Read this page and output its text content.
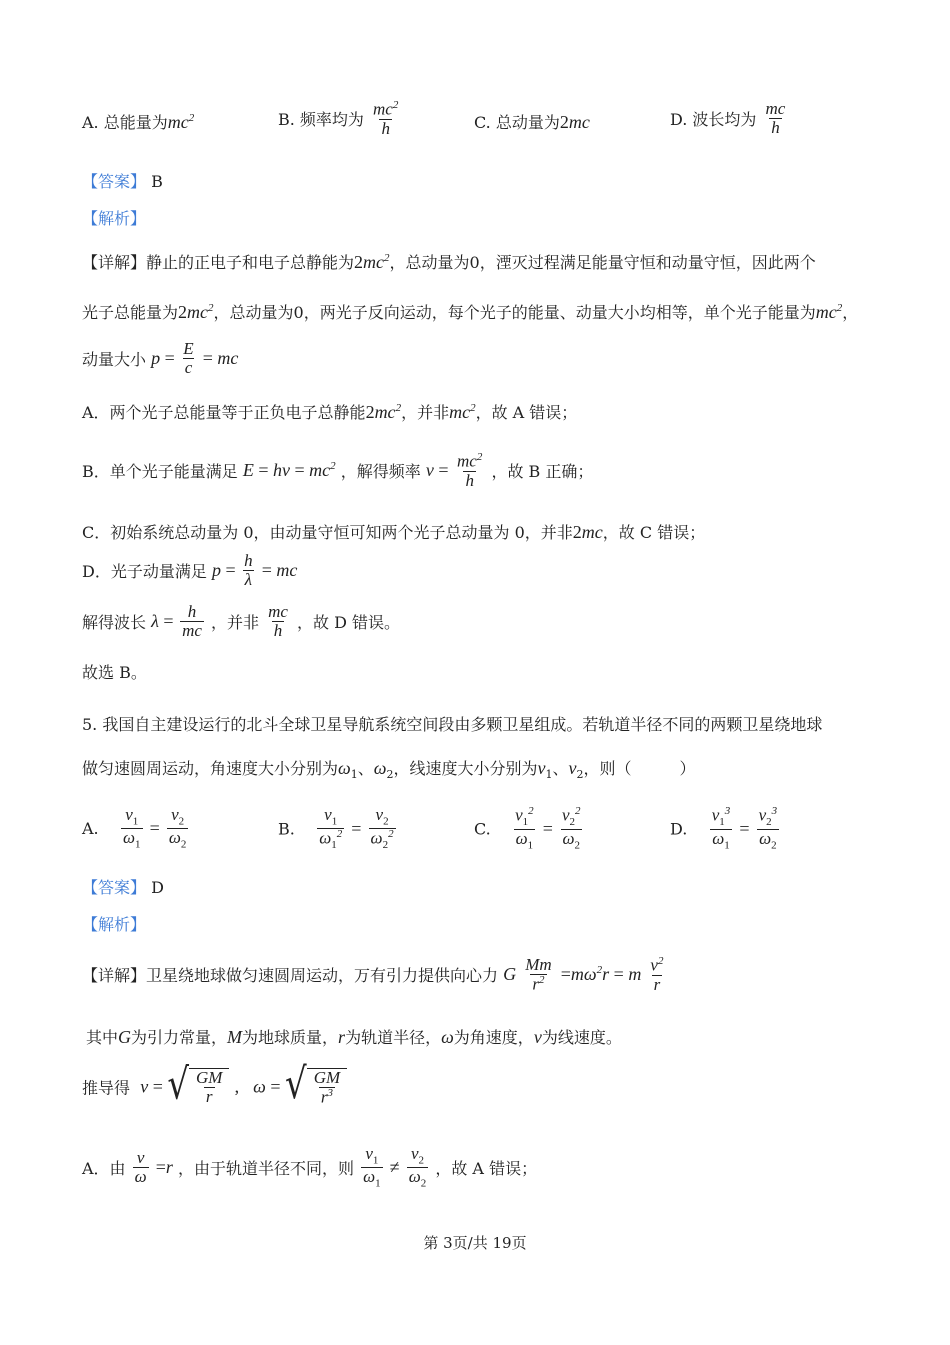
A. 总能量为$mc^2$	B. 频率均为 $\frac{mc^2}{h}$	C. 总动量为2mc	D. 波长均为 $\frac{mc}{h}$
【答案】 B
【解析】
【详解】静止的正电子和电子总静能为$2mc^2$，总动量为0，湮灭过程满足能量守恒和动量守恒，因此两个
光子总能量为$2mc^2$，总动量为0，两光子反向运动，每个光子的能量、动量大小均相等，单个光子能量为$mc^2$，
动量大小 $p = \frac{E}{c}$ = mc
A．两个光子总能量等于正负电子总静能$2mc^2$，并非$mc^2$，故 A 错误；
B．单个光子能量满足 $E = h\nu = mc^2$ ，解得频率 $\nu = \frac{mc^2}{h}$ ，故 B 正确；
C．初始系统总动量为 0，由动量守恒可知两个光子总动量为 0，并非2mc，故 C 错误；
D．光子动量满足 $p = \frac{h}{\lambda}$ = mc
解得波长 $\lambda = \frac{h}{mc}$ ，并非 $\frac{mc}{h}$ ，故 D 错误。
故选 B。
5. 我国自主建设运行的北斗全球卫星导航系统空间段由多颗卫星组成。若轨道半径不同的两颗卫星绕地球
做匀速圆周运动，角速度大小分别为$\omega_1$、$\omega_2$，线速度大小分别为$v_1$、$v_2$，则（　　　）
A. $\frac{v_1}{\omega_1} = \frac{v_2}{\omega_2}$	B. $\frac{v_1}{\omega_1^2} = \frac{v_2}{\omega_2^2}$	C. $\frac{v_1^2}{\omega_1} = \frac{v_2^2}{\omega_2}$	D. $\frac{v_1^3}{\omega_1} = \frac{v_2^3}{\omega_2}$
【答案】 D
【解析】
【详解】卫星绕地球做匀速圆周运动，万有引力提供向心力 G $\frac{Mm}{r^2} =m\omega^2r = m \frac{v^2}{r}$
其中G为引力常量，M为地球质量，r为轨道半径，ω为角速度，v为线速度。
推导得 v = √ $\frac{GM}{r}$ ,   ω = √ $\frac{GM}{r^3}$
A．由 $\frac{v}{\omega} =r$ ，由于轨道半径不同，则 $\frac{v_1}{\omega_1} \ne \frac{v_2}{\omega_2}$ ，故 A 错误；
第 3页/共 19页
